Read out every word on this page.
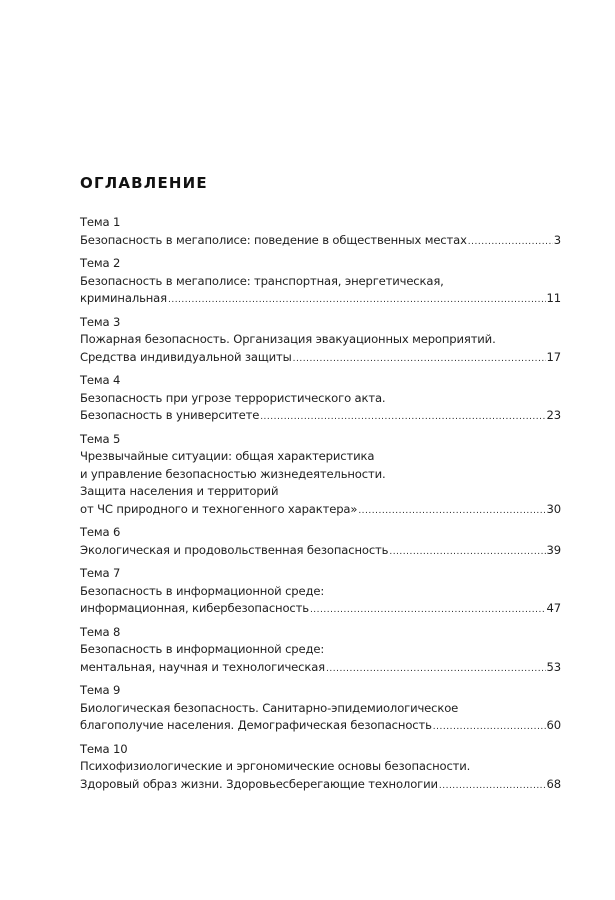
ОГЛАВЛЕНИЕ
Тема 1
Безопасность в мегаполисе: поведение в общественных местах .....	3
Тема 2
Безопасность в мегаполисе: транспортная, энергетическая,
криминальная .....	11
Тема 3
Пожарная безопасность. Организация эвакуационных мероприятий.
Средства индивидуальной защиты .....	17
Тема 4
Безопасность при угрозе террористического акта.
Безопасность в университете .....	23
Тема 5
Чрезвычайные ситуации: общая характеристика
и управление безопасностью жизнедеятельности.
Защита населения и территорий
от ЧС природного и техногенного характера» .....	30
Тема 6
Экологическая и продовольственная безопасность .....	39
Тема 7
Безопасность в информационной среде:
информационная, кибербезопасность .....	47
Тема 8
Безопасность в информационной среде:
ментальная, научная и технологическая .....	53
Тема 9
Биологическая безопасность. Санитарно-эпидемиологическое
благополучие населения. Демографическая безопасность .....	60
Тема 10
Психофизиологические и эргономические основы безопасности.
Здоровый образ жизни. Здоровьесберегающие технологии .....	68
